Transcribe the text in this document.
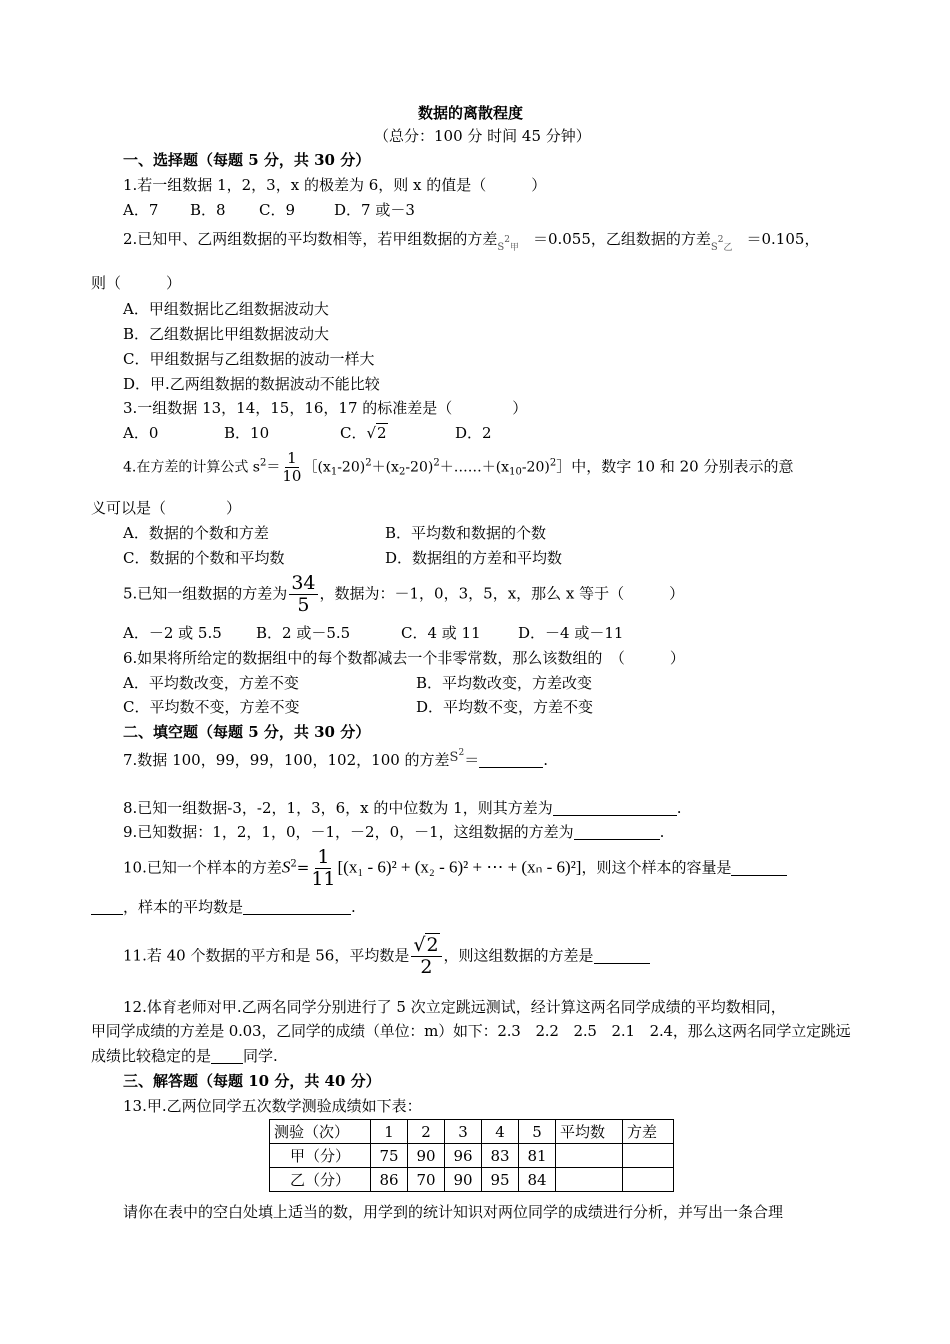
数据的离散程度
（总分：100 分 时间 45 分钟）
一、选择题（每题 5 分，共 30 分）
1.若一组数据 1，2，3，x 的极差为 6，则 x 的值是（　　　）
A．7 B．8 C．9	D．7 或－3
2.已知甲、乙两组数据的平均数相等，若甲组数据的方差$_{S2甲}$ ＝0.055，乙组数据的方差$_{S2乙}$ ＝0.105，
则（　　　）
A．甲组数据比乙组数据波动大
B．乙组数据比甲组数据波动大
C．甲组数据与乙组数据的波动一样大
D．甲.乙两组数据的数据波动不能比较
3.一组数据 13，14，15，16，17 的标准差是（　　　　）
A．0	B．10	C．√2	D．2
4.在方差的计算公式 $s^2= \frac{1}{10}$ $[(x_1-20)^2+(x_2-20)^2+\dots\dots+(x_{10}-20)^2]$中，数字 10 和 20 分别表示的意
义可以是（　　　　）
A．数据的个数和方差	B．平均数和数据的个数
C．数据的个数和平均数	D．数据组的方差和平均数
5.已知一组数据的方差为 $\frac{34}{5}$ ，数据为：－1，0，3，5，x，那么 x 等于（　　　）
A．－2 或 5.5 B．2 或－5.5	C．4 或 11 D．－4 或－11
6.如果将所给定的数据组中的每个数都减去一个非零常数，那么该数组的　（　　　）
A．平均数改变，方差不变	B．平均数改变，方差改变
C．平均数不变，方差不变	D．平均数不变，方差不变
二、填空题（每题 5 分，共 30 分）
7.数据 100，99，99，100，102，100 的方差$S^2=$	.
8.已知一组数据-3，-2，1，3，6，x 的中位数为 1，则其方差为	.
9.已知数据：1，2，1，0，－1，－2，0，－1，这组数据的方差为	.
10.已知一个样本的方差$S^2= \frac{1}{11} [(x_1 - 6)^2 + (x_2 - 6)^2$ + ⋯ + (xₙ - 6)²]，则这个样本的容量是
，样本的平均数是	.
11.若 40 个数据的平方和是 56，平均数是 $\frac{√2}{2}$ ，则这组数据的方差是
12.体育老师对甲.乙两名同学分别进行了 5 次立定跳远测试，经计算这两名同学成绩的平均数相同，
甲同学成绩的方差是 0.03，乙同学的成绩（单位：m）如下：2.3　2.2　2.5　2.1　2.4，那么这两名同学立定跳远
成绩比较稳定的是 同学.
三、解答题（每题 10 分，共 40 分）
13.甲.乙两位同学五次数学测验成绩如下表：
测验（次）	1	2	3	4	5	平均数	方差
甲（分）	75	90	96	83	81		
乙（分）	86	70	90	95	84		
请你在表中的空白处填上适当的数，用学到的统计知识对两位同学的成绩进行分析，并写出一条合理
